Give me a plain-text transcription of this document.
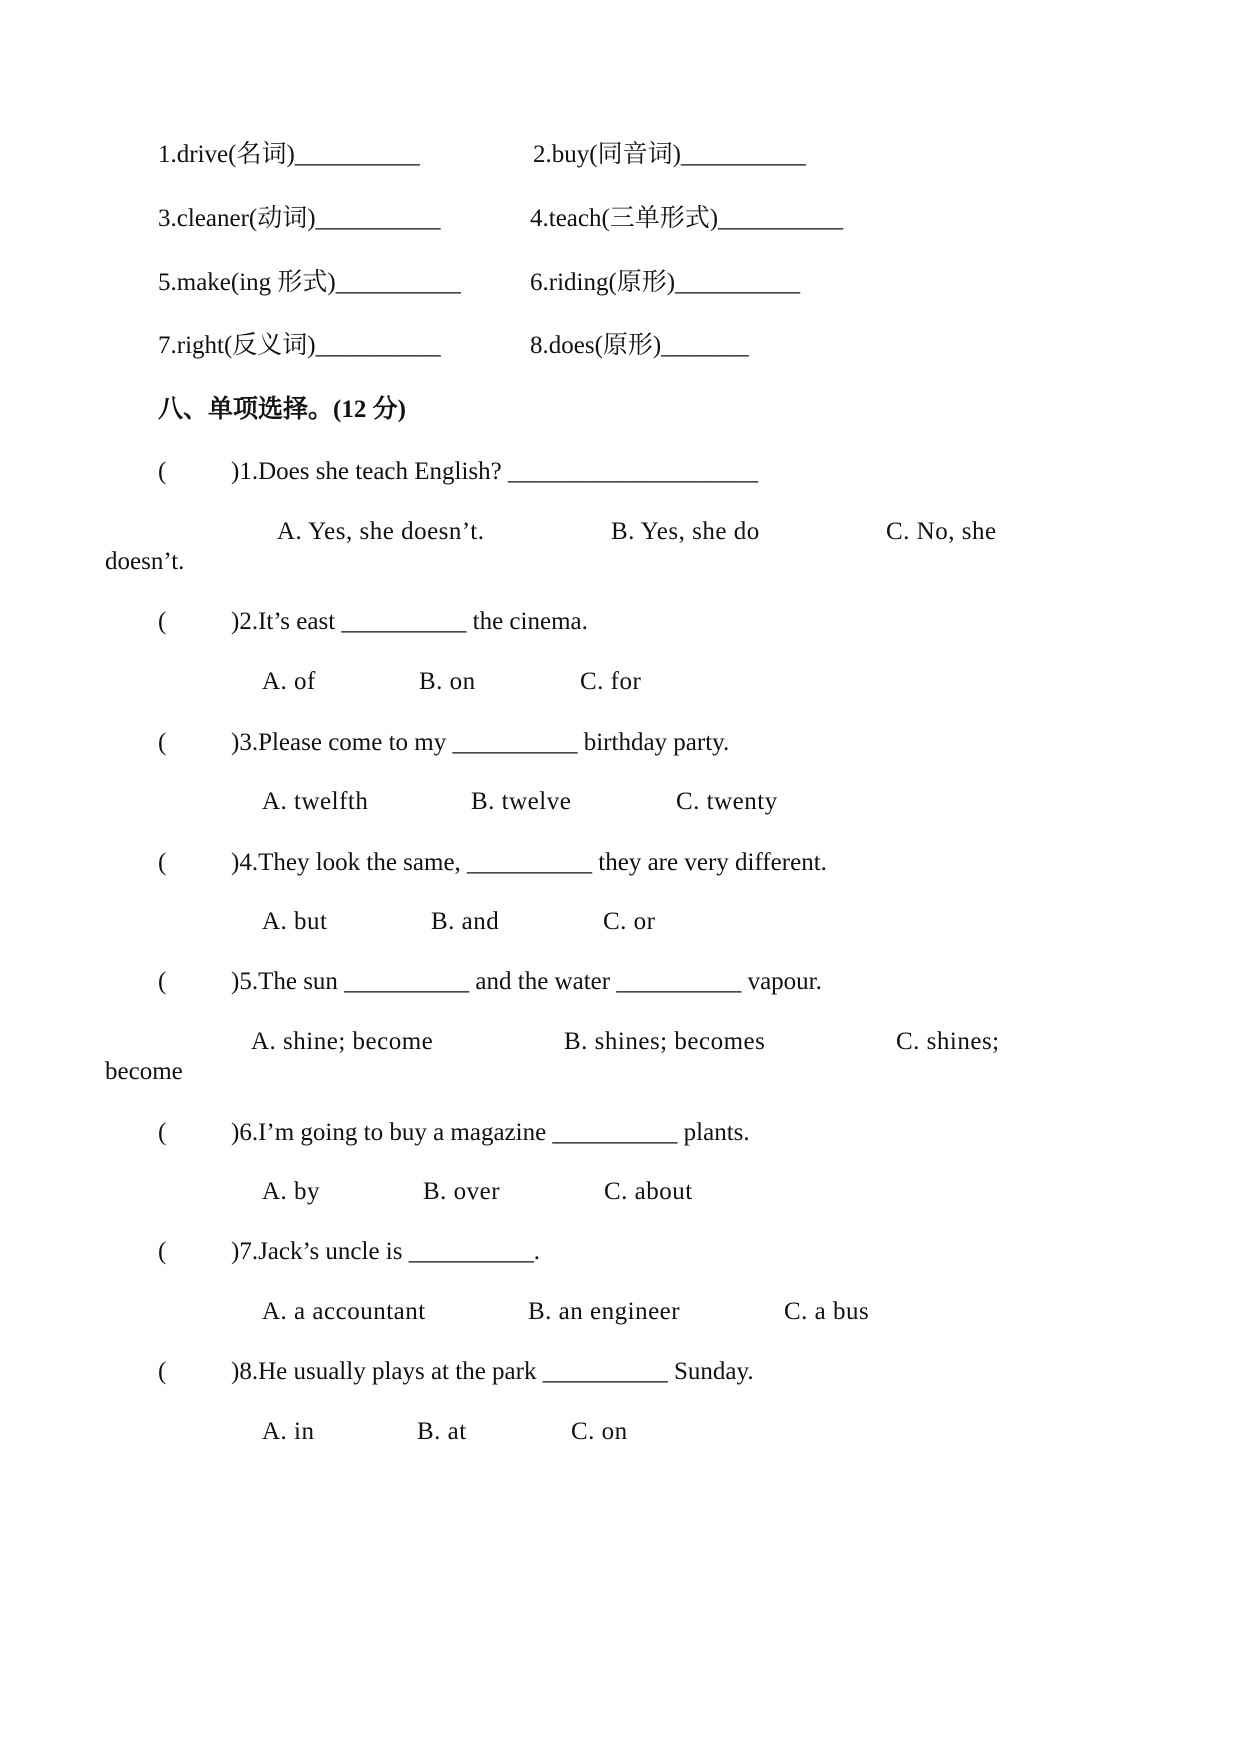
1.drive(名词)__________	2.buy(同音词)__________
3.cleaner(动词)__________	4.teach(三单形式)__________
5.make(ing 形式)__________	6.riding(原形)__________
7.right(反义词)__________	8.does(原形)_______
八、单项选择。(12 分)
(	)1.Does she teach English? ____________________
A. Yes, she doesn’t.	B. Yes, she do	C. No, she
doesn’t.
(	)2.It’s east __________ the cinema.
A. of	B. on	C. for
(	)3.Please come to my __________ birthday party.
A. twelfth	B. twelve	C. twenty
(	)4.They look the same, __________ they are very different.
A. but	B. and	C. or
(	)5.The sun __________ and the water __________ vapour.
A. shine; become	B. shines; becomes	C. shines;
become
(	)6.I’m going to buy a magazine __________ plants.
A. by	B. over	C. about
(	)7.Jack’s uncle is __________.
A. a accountant	B. an engineer	C. a bus
(	)8.He usually plays at the park __________ Sunday.
A. in	B. at	C. on
